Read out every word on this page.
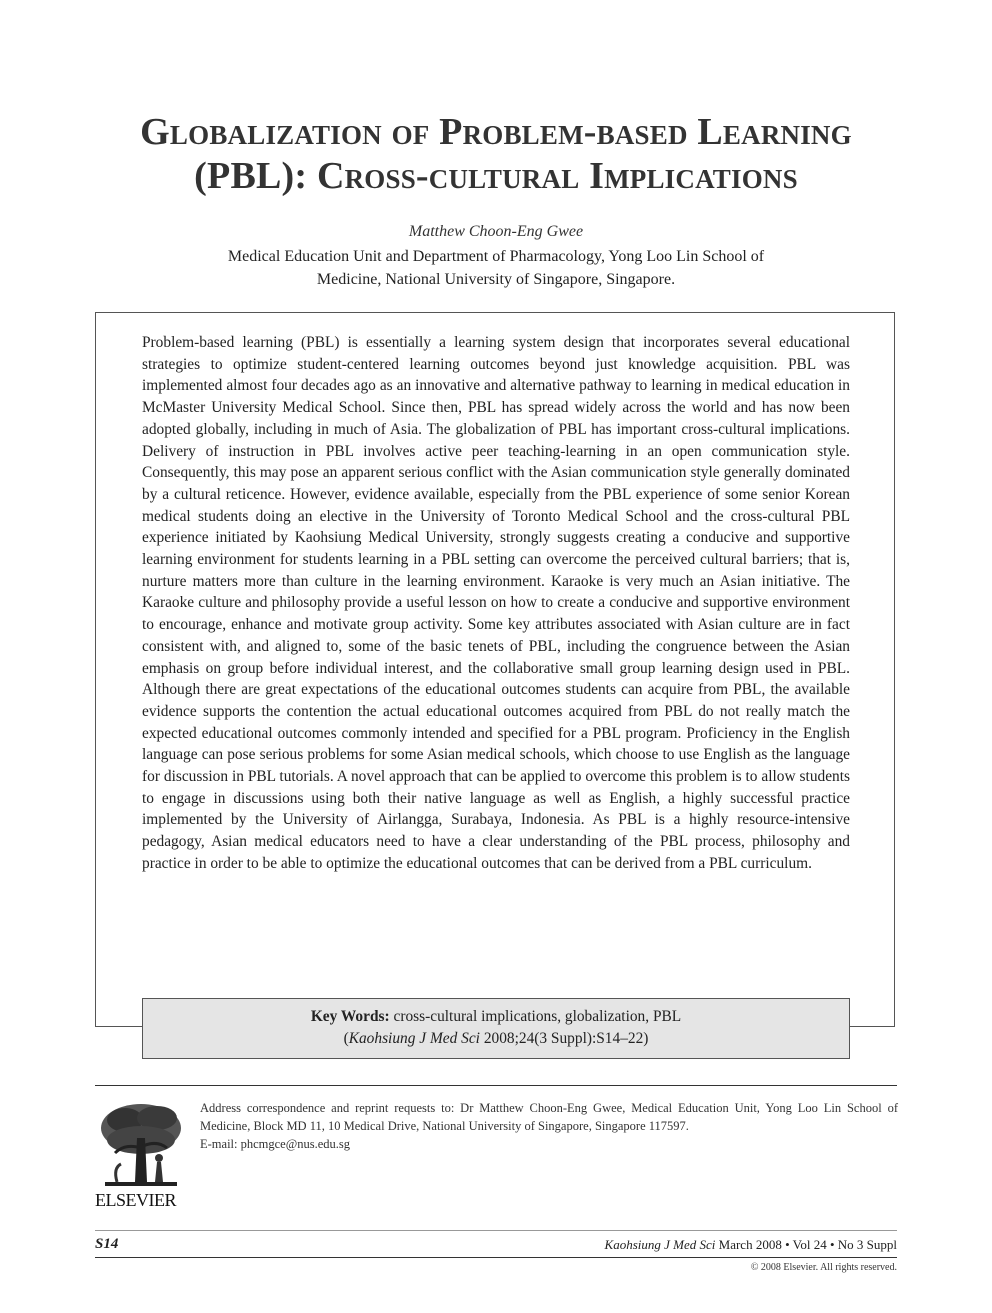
Globalization of Problem-based Learning
(PBL): Cross-cultural Implications
Matthew Choon-Eng Gwee
Medical Education Unit and Department of Pharmacology, Yong Loo Lin School of
Medicine, National University of Singapore, Singapore.
Problem-based learning (PBL) is essentially a learning system design that incorporates several educational strategies to optimize student-centered learning outcomes beyond just knowledge acquisition. PBL was implemented almost four decades ago as an innovative and alternative pathway to learning in medical education in McMaster University Medical School. Since then, PBL has spread widely across the world and has now been adopted globally, including in much of Asia. The globalization of PBL has important cross-cultural implications. Delivery of instruction in PBL involves active peer teaching-learning in an open communication style. Consequently, this may pose an apparent serious conflict with the Asian communication style generally dominated by a cultural reticence. However, evidence available, especially from the PBL experience of some senior Korean medical students doing an elective in the University of Toronto Medical School and the cross-cultural PBL experience initiated by Kaohsiung Medical University, strongly suggests creating a conducive and supportive learning environment for students learning in a PBL setting can overcome the perceived cultural barriers; that is, nurture matters more than culture in the learning environment. Karaoke is very much an Asian initiative. The Karaoke culture and philosophy provide a useful lesson on how to create a conducive and supportive environment to encourage, enhance and motivate group activity. Some key attributes associated with Asian culture are in fact consistent with, and aligned to, some of the basic tenets of PBL, including the congruence between the Asian emphasis on group before individual interest, and the collaborative small group learning design used in PBL. Although there are great expectations of the educational outcomes students can acquire from PBL, the available evidence supports the contention the actual educational outcomes acquired from PBL do not really match the expected educational outcomes commonly intended and specified for a PBL program. Proficiency in the English language can pose serious problems for some Asian medical schools, which choose to use English as the language for discussion in PBL tutorials. A novel approach that can be applied to overcome this problem is to allow students to engage in discussions using both their native language as well as English, a highly successful practice implemented by the University of Airlangga, Surabaya, Indonesia. As PBL is a highly resource-intensive pedagogy, Asian medical educators need to have a clear understanding of the PBL process, philosophy and practice in order to be able to optimize the educational outcomes that can be derived from a PBL curriculum.
Key Words: cross-cultural implications, globalization, PBL
(Kaohsiung J Med Sci 2008;24(3 Suppl):S14–22)
ELSEVIER
Address correspondence and reprint requests to: Dr Matthew Choon-Eng Gwee, Medical Education Unit, Yong Loo Lin School of Medicine, Block MD 11, 10 Medical Drive, National University of Singapore, Singapore 117597.
E-mail: phcmgce@nus.edu.sg
S14	Kaohsiung J Med Sci March 2008 • Vol 24 • No 3 Suppl
© 2008 Elsevier. All rights reserved.
